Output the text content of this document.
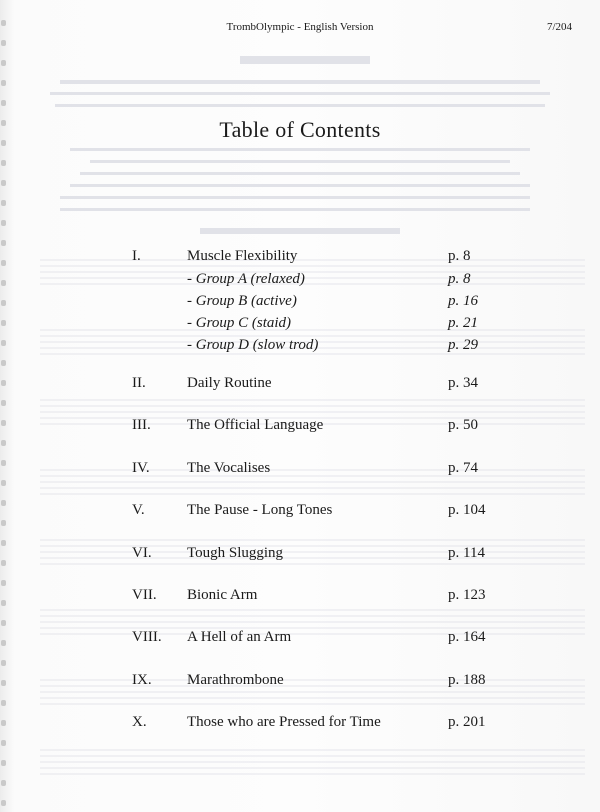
TrombOlympic - English Version	7/204
Table of Contents
I.	Muscle Flexibility	p. 8
- Group A (relaxed)	p. 8
- Group B (active)	p. 16
- Group C (staid)	p. 21
- Group D (slow trod)	p. 29
II.	Daily Routine	p. 34
III. The Official Language	p. 50
IV. The Vocalises	p. 74
V.	The Pause - Long Tones	p. 104
VI. Tough Slugging	p. 114
VII. Bionic Arm	p. 123
VIII. A Hell of an Arm	p. 164
IX. Marathrombone	p. 188
X.	Those who are Pressed for Time	p. 201
